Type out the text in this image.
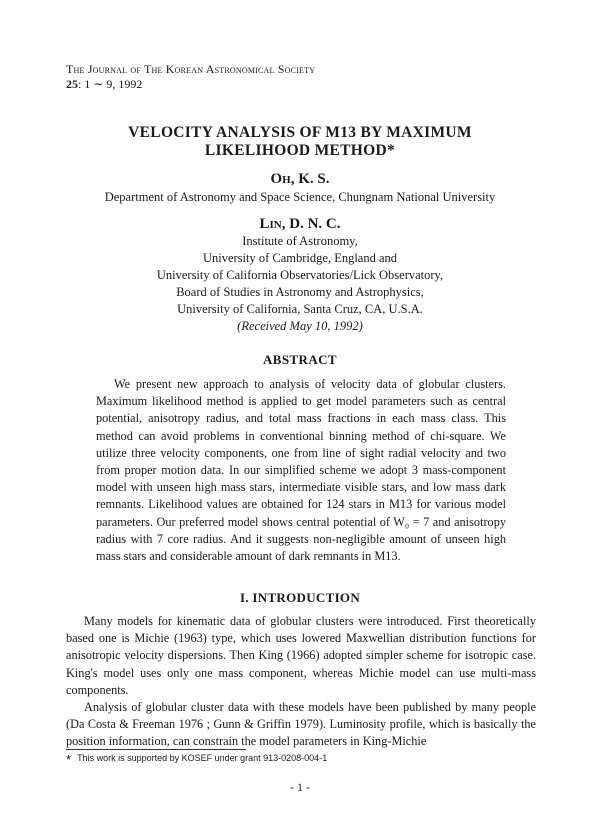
The Journal of The Korean Astronomical Society
25: 1 ∼ 9, 1992
VELOCITY ANALYSIS OF M13 BY MAXIMUM
LIKELIHOOD METHOD*
Oh, K. S.
Department of Astronomy and Space Science, Chungnam National University
Lin, D. N. C.
Institute of Astronomy,
University of Cambridge, England and
University of California Observatories/Lick Observatory,
Board of Studies in Astronomy and Astrophysics,
University of California, Santa Cruz, CA, U.S.A.
(Received May 10, 1992)
ABSTRACT

We present new approach to analysis of velocity data of globular clusters. Maximum likelihood method is applied to get model parameters such as central potential, anisotropy radius, and total mass fractions in each mass class. This method can avoid problems in conventional binning method of chi-square. We utilize three velocity components, one from line of sight radial velocity and two from proper motion data. In our simplified scheme we adopt 3 mass-component model with unseen high mass stars, intermediate visible stars, and low mass dark remnants. Likelihood values are obtained for 124 stars in M13 for various model parameters. Our preferred model shows central potential of W₀ = 7 and anisotropy radius with 7 core radius. And it suggests non-negligible amount of unseen high mass stars and considerable amount of dark remnants in M13.

I. INTRODUCTION

Many models for kinematic data of globular clusters were introduced. First theoretically based one is Michie (1963) type, which uses lowered Maxwellian distribution functions for anisotropic velocity dispersions. Then King (1966) adopted simpler scheme for isotropic case. King's model uses only one mass component, whereas Michie model can use multi-mass components.

Analysis of globular cluster data with these models have been published by many people (Da Costa & Freeman 1976 ; Gunn & Griffin 1979). Luminosity profile, which is basically the position information, can constrain the model parameters in King-Michie

* This work is supported by KOSEF under grant 913-0208-004-1
- 1 -
